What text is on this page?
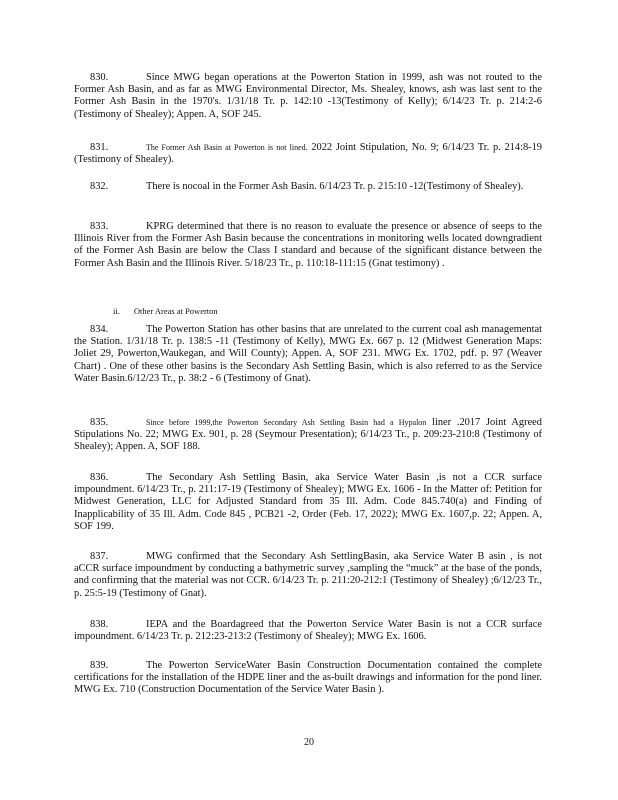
830.	Since MWG began operations at the Powerton Station in 1999, ash was not routed to the Former Ash Basin, and as far as MWG Environmental Director, Ms. Shealey, knows, ash was last sent to the Former Ash Basin in the 1970's. 1/31/18 Tr. p. 142:10 -13(Testimony of Kelly); 6/14/23 Tr. p. 214:2-6 (Testimony of Shealey); Appen. A, SOF 245.

831.	The Former Ash Basin at Powerton is not lined. 2022 Joint Stipulation, No. 9; 6/14/23 Tr. p. 214:8-19 (Testimony of Shealey).

832.	There is nocoal in the Former Ash Basin. 6/14/23 Tr. p. 215:10 -12(Testimony of Shealey).

833.	KPRG determined that there is no reason to evaluate the presence or absence of seeps to the Illinois River from the Former Ash Basin because the concentrations in monitoring wells located downgradient of the Former Ash Basin are below the Class I standard and because of the significant distance between the Former Ash Basin and the Illinois River. 5/18/23 Tr., p. 110:18-111:15 (Gnat testimony) .

ii. Other Areas at Powerton

834.	The Powerton Station has other basins that are unrelated to the current coal ash managementat the Station. 1/31/18 Tr. p. 138:5 -11 (Testimony of Kelly), MWG Ex. 667 p. 12 (Midwest Generation Maps: Joliet 29, Powerton,Waukegan, and Will County); Appen. A, SOF 231. MWG Ex. 1702, pdf. p. 97 (Weaver Chart) . One of these other basins is the Secondary Ash Settling Basin, which is also referred to as the Service Water Basin.6/12/23 Tr., p. 38:2 - 6 (Testimony of Gnat).

835.	Since before 1999,the Powerton Secondary Ash Settling Basin had a Hypalon liner .2017 Joint Agreed Stipulations No. 22; MWG Ex. 901, p. 28 (Seymour Presentation); 6/14/23 Tr., p. 209:23-210:8 (Testimony of Shealey); Appen. A, SOF 188.

836.	The Secondary Ash Settling Basin, aka Service Water Basin ,is not a CCR surface impoundment. 6/14/23 Tr., p. 211:17-19 (Testimony of Shealey); MWG Ex. 1606 - In the Matter of: Petition for Midwest Generation, LLC for Adjusted Standard from 35 Ill. Adm. Code 845.740(a) and Finding of Inapplicability of 35 Ill. Adm. Code 845 , PCB21 -2, Order (Feb. 17, 2022); MWG Ex. 1607,p. 22; Appen. A, SOF 199.

837.	MWG confirmed that the Secondary Ash SettlingBasin, aka Service Water B asin , is not aCCR surface impoundment by conducting a bathymetric survey ,sampling the “muck” at the base of the ponds, and confirming that the material was not CCR. 6/14/23 Tr. p. 211:20-212:1 (Testimony of Shealey) ;6/12/23 Tr., p. 25:5-19 (Testimony of Gnat).

838.	IEPA and the Boardagreed that the Powerton Service Water Basin is not a CCR surface impoundment. 6/14/23 Tr. p. 212:23-213:2 (Testimony of Shealey); MWG Ex. 1606.

839.	The Powerton ServiceWater Basin Construction Documentation contained the complete certifications for the installation of the HDPE liner and the as-built drawings and information for the pond liner. MWG Ex. 710 (Construction Documentation of the Service Water Basin ).

20
